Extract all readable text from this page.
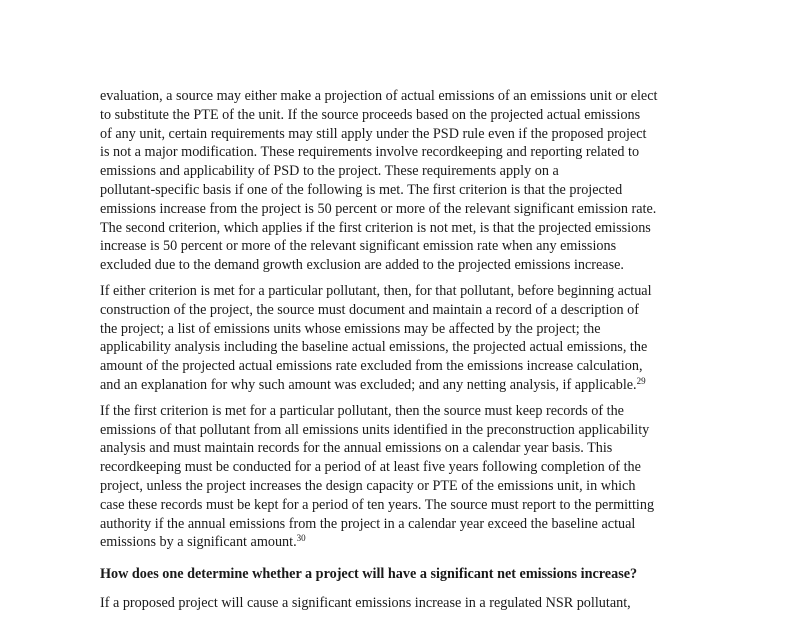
evaluation, a source may either make a projection of actual emissions of an emissions unit or elect
to substitute the PTE of the unit. If the source proceeds based on the projected actual emissions
of any unit, certain requirements may still apply under the PSD rule even if the proposed project
is not a major modification. These requirements involve recordkeeping and reporting related to
emissions and applicability of PSD to the project. These requirements apply on a
pollutant-specific basis if one of the following is met. The first criterion is that the projected
emissions increase from the project is 50 percent or more of the relevant significant emission rate.
The second criterion, which applies if the first criterion is not met, is that the projected emissions
increase is 50 percent or more of the relevant significant emission rate when any emissions
excluded due to the demand growth exclusion are added to the projected emissions increase.
If either criterion is met for a particular pollutant, then, for that pollutant, before beginning actual
construction of the project, the source must document and maintain a record of a description of
the project; a list of emissions units whose emissions may be affected by the project; the
applicability analysis including the baseline actual emissions, the projected actual emissions, the
amount of the projected actual emissions rate excluded from the emissions increase calculation,
and an explanation for why such amount was excluded; and any netting analysis, if applicable.$^{29}$
If the first criterion is met for a particular pollutant, then the source must keep records of the
emissions of that pollutant from all emissions units identified in the preconstruction applicability
analysis and must maintain records for the annual emissions on a calendar year basis. This
recordkeeping must be conducted for a period of at least five years following completion of the
project, unless the project increases the design capacity or PTE of the emissions unit, in which
case these records must be kept for a period of ten years. The source must report to the permitting
authority if the annual emissions from the project in a calendar year exceed the baseline actual
emissions by a significant amount.$^{30}$
How does one determine whether a project will have a significant net emissions increase?
If a proposed project will cause a significant emissions increase in a regulated NSR pollutant,
